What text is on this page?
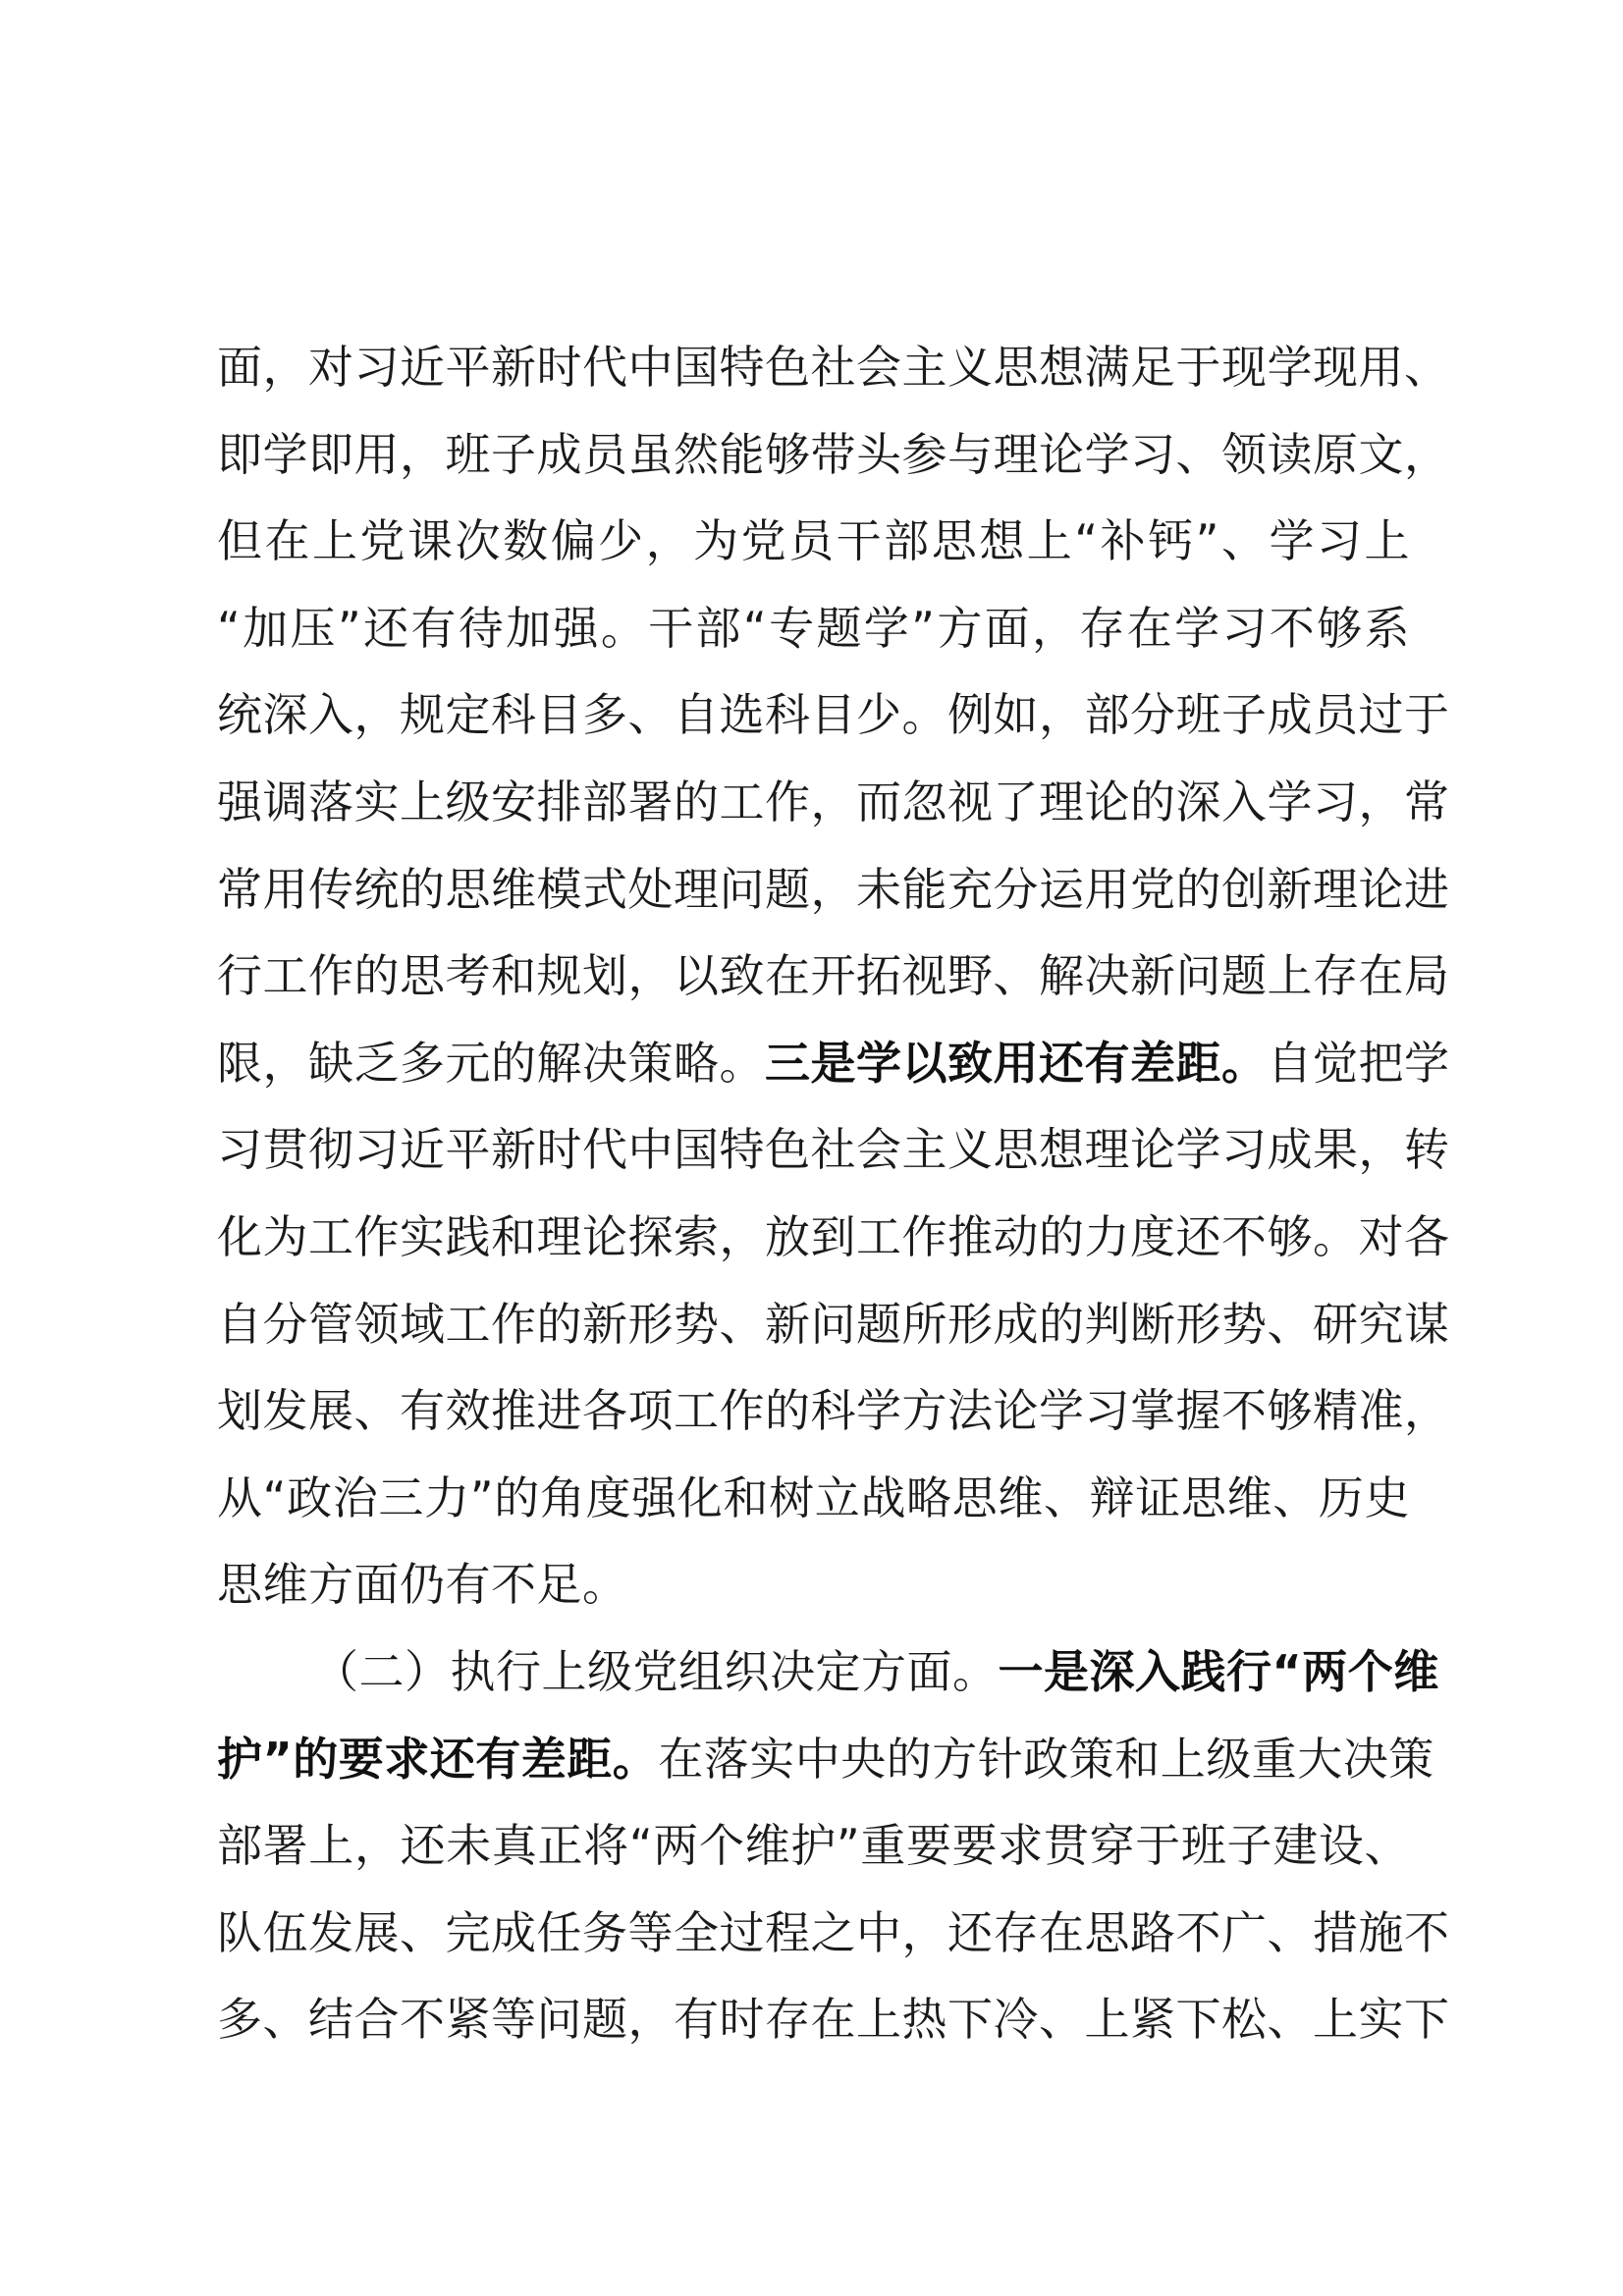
面，对习近平新时代中国特色社会主义思想满足于现学现用、
即学即用，班子成员虽然能够带头参与理论学习、领读原文，
但在上党课次数偏少，为党员干部思想上“补钙”、学习上
“加压”还有待加强。干部“专题学”方面，存在学习不够系
统深入，规定科目多、自选科目少。例如，部分班子成员过于
强调落实上级安排部署的工作，而忽视了理论的深入学习，常
常用传统的思维模式处理问题，未能充分运用党的创新理论进
行工作的思考和规划，以致在开拓视野、解决新问题上存在局
限，缺乏多元的解决策略。三是学以致用还有差距。自觉把学
习贯彻习近平新时代中国特色社会主义思想理论学习成果，转
化为工作实践和理论探索，放到工作推动的力度还不够。对各
自分管领域工作的新形势、新问题所形成的判断形势、研究谋
划发展、有效推进各项工作的科学方法论学习掌握不够精准，
从“政治三力”的角度强化和树立战略思维、辩证思维、历史
思维方面仍有不足。
（二）执行上级党组织决定方面。一是深入践行“两个维
护”的要求还有差距。在落实中央的方针政策和上级重大决策
部署上，还未真正将“两个维护”重要要求贯穿于班子建设、
队伍发展、完成任务等全过程之中，还存在思路不广、措施不
多、结合不紧等问题，有时存在上热下冷、上紧下松、上实下
